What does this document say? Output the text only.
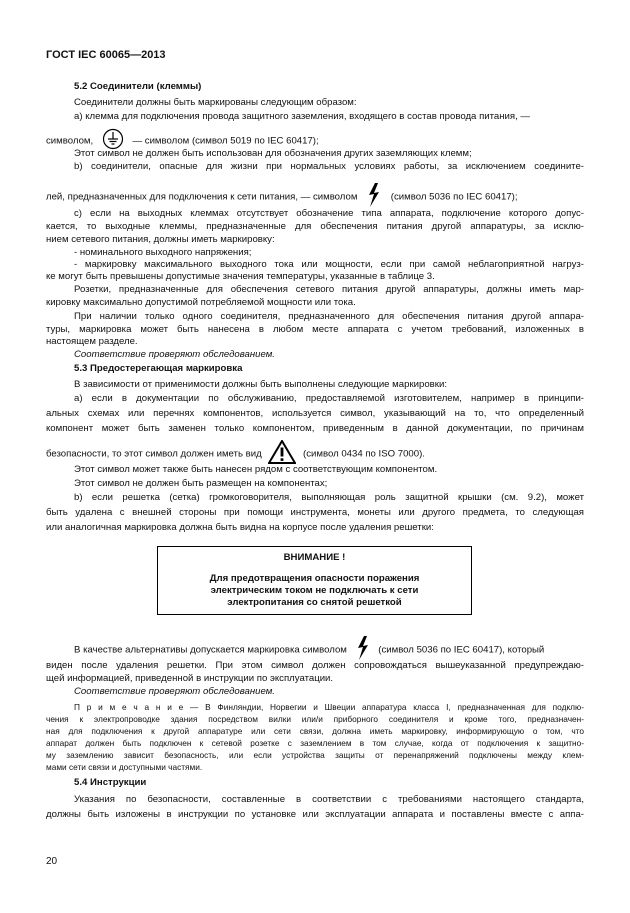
ГОСТ IEC 60065—2013
5.2 Соединители (клеммы)
Соединители должны быть маркированы следующим образом:
а) клемма для подключения провода защитного заземления, входящего в состав провода питания, —
символом,	— символом (символ 5019 по IEC 60417);
Этот символ не должен быть использован для обозначения других заземляющих клемм;
b) соединители, опасные для жизни при нормальных условиях работы, за исключением соедините-
лей, предназначенных для подключения к сети питания, — символом	(символ 5036 по IEC 60417);
c) если на выходных клеммах отсутствует обозначение типа аппарата, подключение которого допус-
кается, то выходные клеммы, предназначенные для обеспечения питания другой аппаратуры, за исклю-
нием сетевого питания, должны иметь маркировку:
- номинального выходного напряжения;
- маркировку максимального выходного тока или мощности, если при самой неблагоприятной нагруз-
ке могут быть превышены допустимые значения температуры, указанные в таблице 3.
Розетки, предназначенные для обеспечения сетевого питания другой аппаратуры, должны иметь мар-
кировку максимально допустимой потребляемой мощности или тока.
При наличии только одного соединителя, предназначенного для обеспечения питания другой аппара-
туры, маркировка может быть нанесена в любом месте аппарата с учетом требований, изложенных в
настоящем разделе.
Соответствие проверяют обследованием.
5.3 Предостерегающая маркировка
В зависимости от применимости должны быть выполнены следующие маркировки:
а) если в документации по обслуживанию, предоставляемой изготовителем, например в принципи-
альных схемах или перечнях компонентов, используется символ, указывающий на то, что определенный
компонент может быть заменен только компонентом, приведенным в данной документации, по причинам
безопасности, то этот символ должен иметь вид	(символ 0434 по ISO 7000).
Этот символ может также быть нанесен рядом с соответствующим компонентом.
Этот символ не должен быть размещен на компонентах;
b) если решетка (сетка) громкоговорителя, выполняющая роль защитной крышки (см. 9.2), может
быть удалена с внешней стороны при помощи инструмента, монеты или другого предмета, то следующая
или аналогичная маркировка должна быть видна на корпусе после удаления решетки:
ВНИМАНИЕ !
Для предотвращения опасности поражения
электрическим током не подключать к сети
электропитания со снятой решеткой
В качестве альтернативы допускается маркировка символом	(символ 5036 по IEC 60417), который
виден после удаления решетки. При этом символ должен сопровождаться вышеуказанной предупреждаю-
щей информацией, приведенной в инструкции по эксплуатации.
Соответствие проверяют обследованием.
П р и м е ч а н и е — В Финляндии, Норвегии и Швеции аппаратура класса I, предназначенная для подклю-
чения к электропроводке здания посредством вилки или/и приборного соединителя и кроме того, предназначен-
ная для подключения к другой аппаратуре или сети связи, должна иметь маркировку, информирующую о том, что
аппарат должен быть подключен к сетевой розетке с заземлением в том случае, когда от подключения к защитно-
му заземлению зависит безопасность, или если устройства защиты от перенапряжений подключены между клем-
мами сети связи и доступными частями.
5.4 Инструкции
Указания по безопасности, составленные в соответствии с требованиями настоящего стандарта,
должны быть изложены в инструкции по установке или эксплуатации аппарата и поставлены вместе с аппа-
20
